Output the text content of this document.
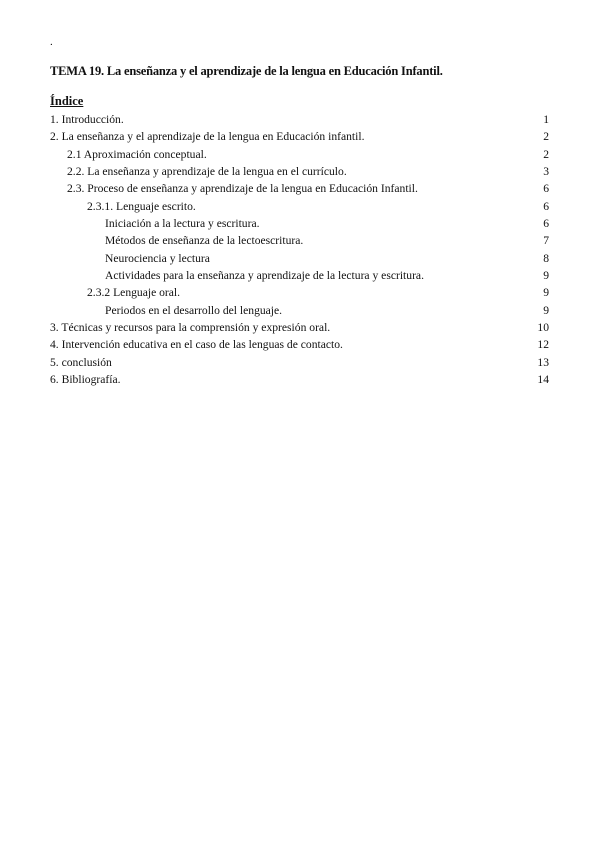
.
TEMA 19. La enseñanza y el aprendizaje de la lengua en Educación Infantil.
Índice
1. Introducción.	1
2. La enseñanza y el aprendizaje de la lengua en Educación infantil.	2
2.1 Aproximación conceptual.	2
2.2. La enseñanza y aprendizaje de la lengua en el currículo.	3
2.3. Proceso de enseñanza y aprendizaje de la lengua en Educación Infantil.	6
2.3.1. Lenguaje escrito.	6
Iniciación a la lectura y escritura.	6
Métodos de enseñanza de la lectoescritura.	7
Neurociencia y lectura	8
Actividades para la enseñanza y aprendizaje de la lectura y escritura.	9
2.3.2 Lenguaje oral.	9
Periodos en el desarrollo del lenguaje.	9
3. Técnicas y recursos para la comprensión y expresión oral.	10
4. Intervención educativa en el caso de las lenguas de contacto.	12
5. conclusión	13
6. Bibliografía.	14
